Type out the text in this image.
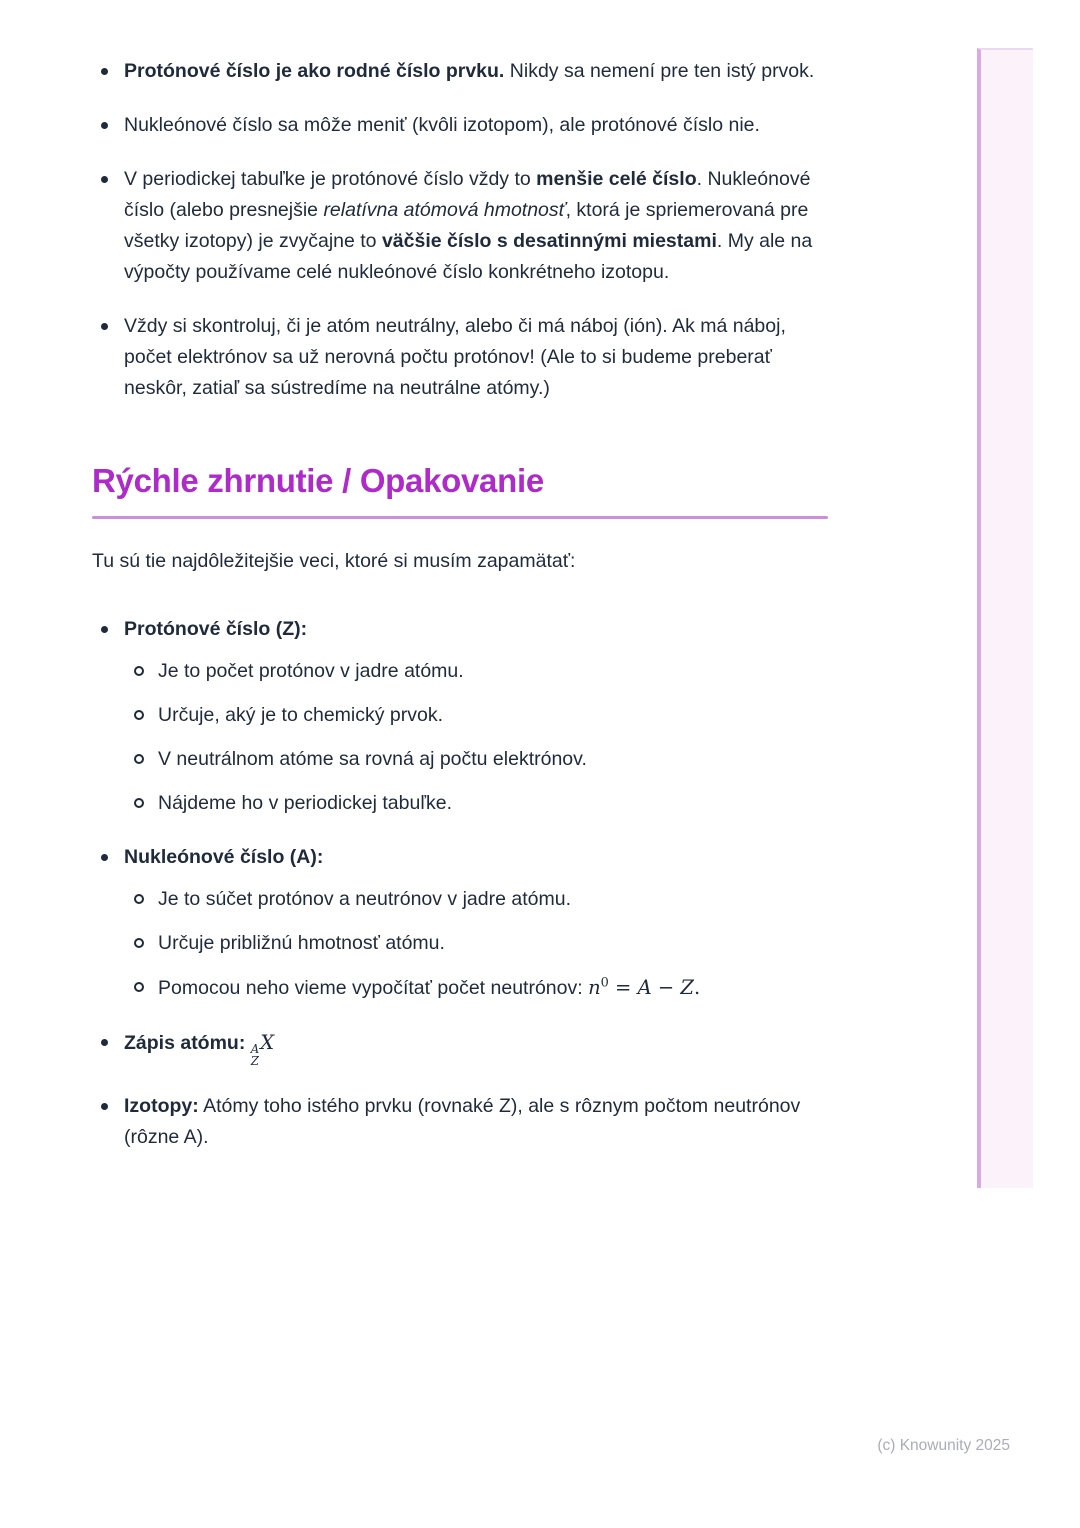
Protónové číslo je ako rodné číslo prvku. Nikdy sa nemení pre ten istý prvok.
Nukleónové číslo sa môže meniť (kvôli izotopom), ale protónové číslo nie.
V periodickej tabuľke je protónové číslo vždy to menšie celé číslo. Nukleónové číslo (alebo presnejšie relatívna atómová hmotnosť, ktorá je spriemerovaná pre všetky izotopy) je zvyčajne to väčšie číslo s desatinnými miestami. My ale na výpočty používame celé nukleónové číslo konkrétneho izotopu.
Vždy si skontroluj, či je atóm neutrálny, alebo či má náboj (ión). Ak má náboj, počet elektrónov sa už nerovná počtu protónov! (Ale to si budeme preberať neskôr, zatiaľ sa sústredíme na neutrálne atómy.)
Rýchle zhrnutie / Opakovanie

Tu sú tie najdôležitejšie veci, ktoré si musím zapamätať:

Protónové číslo (Z):
Je to počet protónov v jadre atómu.
Určuje, aký je to chemický prvok.
V neutrálnom atóme sa rovná aj počtu elektrónov.
Nájdeme ho v periodickej tabuľke.
Nukleónové číslo (A):
Je to súčet protónov a neutrónov v jadre atómu.
Určuje približnú hmotnosť atómu.
Pomocou neho vieme vypočítať počet neutrónov: $n^0 = A - Z$.
Zápis atómu: A
Z
X
Izotopy: Atómy toho istého prvku (rovnaké Z), ale s rôznym počtom neutrónov (rôzne A).
(c) Knowunity 2025
